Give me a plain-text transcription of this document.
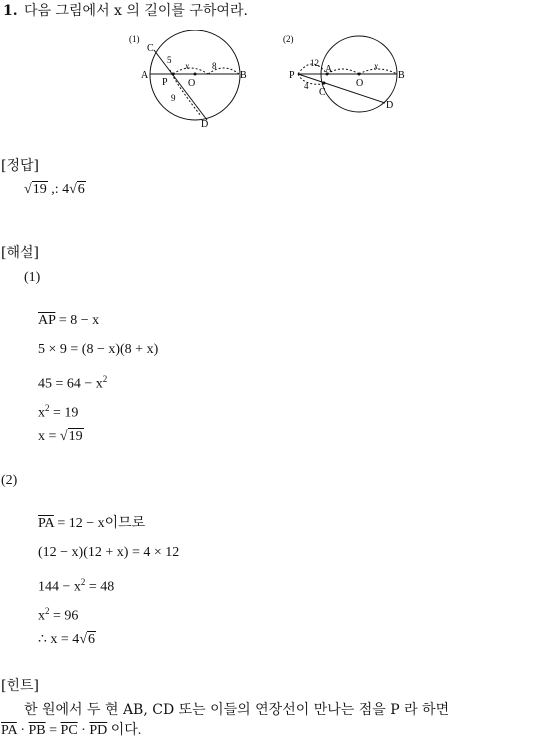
1. 다음 그림에서 x 의 길이를 구하여라.
(1)
A	B
C
D
P O
5
9
8
x
(2)
P
A
B
C
D
O
12
4
x
[정답]
√19 ,: 4√6
[해설]
(1)
$\overline{AP} = 8 - x$
5 × 9 = (8 − x)(8 + x)
$45 = 64 - x^2$
$x^2 = 19$
x = √19
(2)
$\overline{PA} = 12 - x$이므로
(12 − x)(12 + x) = 4 × 12
$144 - x^2 = 48$
$x^2 = 96$
∴ x = 4√6
[힌트]
한 원에서 두 현 AB, CD 또는 이들의 연장선이 만나는 점을 P 라 하면
$\overline{PA} \cdot \overline{PB} = \overline{PC} \cdot \overline{PD}$ 이다.
